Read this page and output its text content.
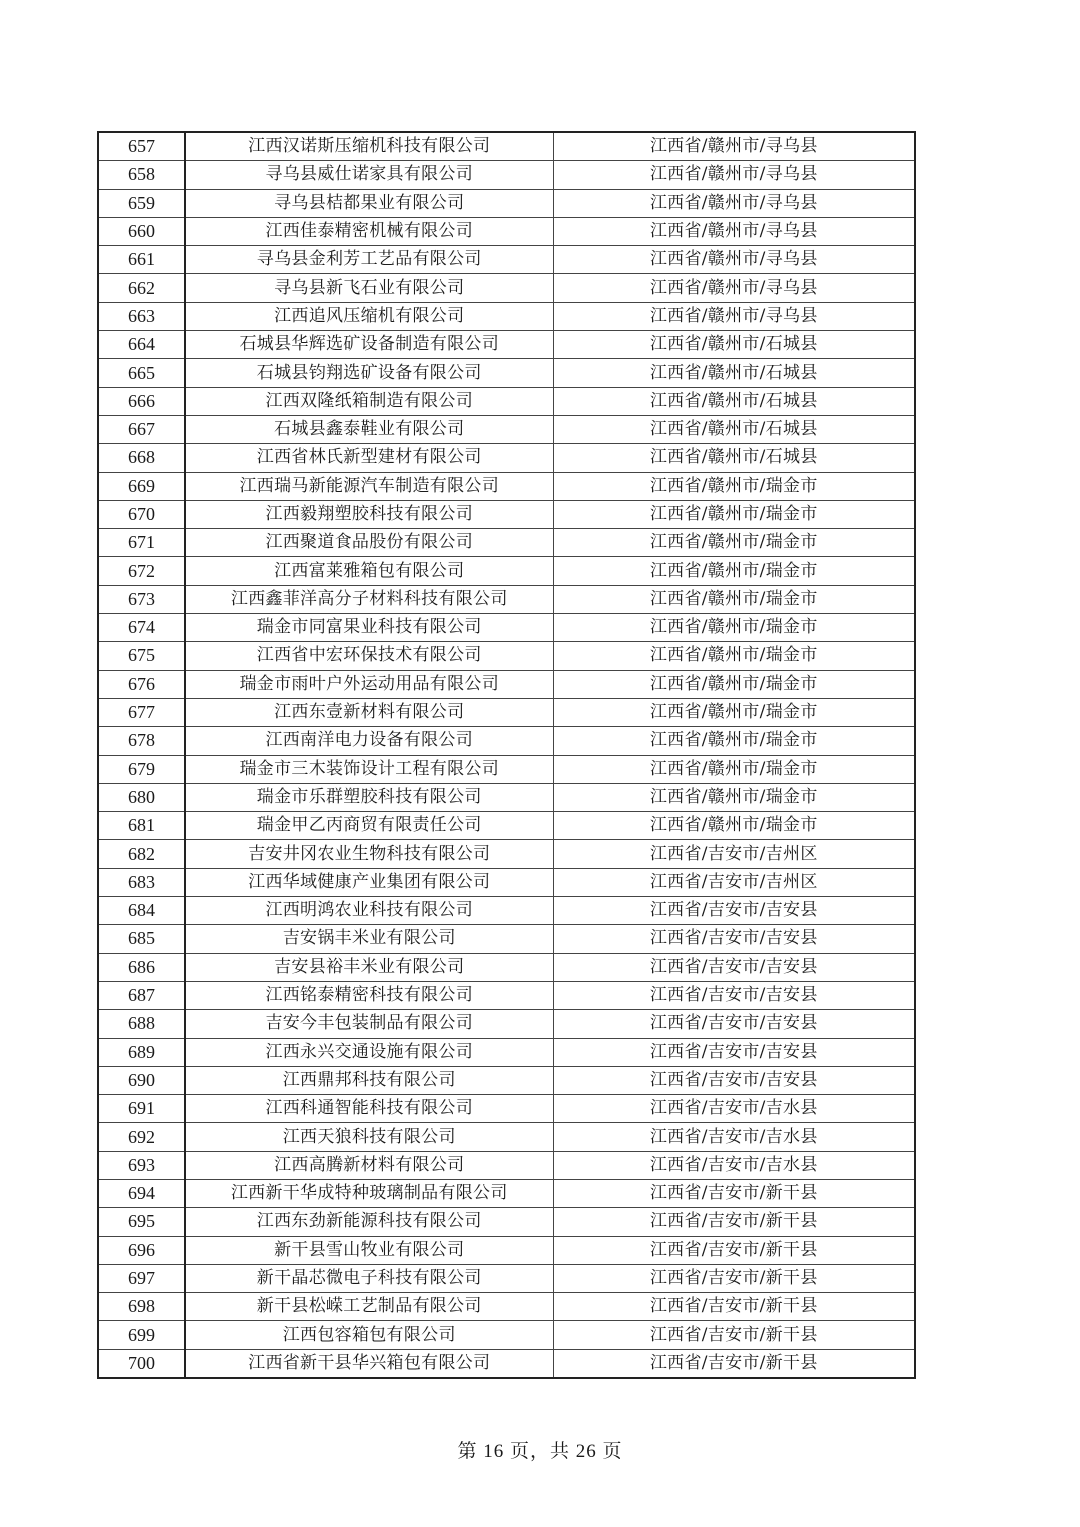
657	江西汉诺斯压缩机科技有限公司	江西省/赣州市/寻乌县
658	寻乌县威仕诺家具有限公司	江西省/赣州市/寻乌县
659	寻乌县桔都果业有限公司	江西省/赣州市/寻乌县
660	江西佳泰精密机械有限公司	江西省/赣州市/寻乌县
661	寻乌县金利芳工艺品有限公司	江西省/赣州市/寻乌县
662	寻乌县新飞石业有限公司	江西省/赣州市/寻乌县
663	江西追风压缩机有限公司	江西省/赣州市/寻乌县
664	石城县华辉选矿设备制造有限公司	江西省/赣州市/石城县
665	石城县钧翔选矿设备有限公司	江西省/赣州市/石城县
666	江西双隆纸箱制造有限公司	江西省/赣州市/石城县
667	石城县鑫泰鞋业有限公司	江西省/赣州市/石城县
668	江西省林氏新型建材有限公司	江西省/赣州市/石城县
669	江西瑞马新能源汽车制造有限公司	江西省/赣州市/瑞金市
670	江西毅翔塑胶科技有限公司	江西省/赣州市/瑞金市
671	江西聚道食品股份有限公司	江西省/赣州市/瑞金市
672	江西富莱雅箱包有限公司	江西省/赣州市/瑞金市
673	江西鑫菲洋高分子材料科技有限公司	江西省/赣州市/瑞金市
674	瑞金市同富果业科技有限公司	江西省/赣州市/瑞金市
675	江西省中宏环保技术有限公司	江西省/赣州市/瑞金市
676	瑞金市雨叶户外运动用品有限公司	江西省/赣州市/瑞金市
677	江西东壹新材料有限公司	江西省/赣州市/瑞金市
678	江西南洋电力设备有限公司	江西省/赣州市/瑞金市
679	瑞金市三木装饰设计工程有限公司	江西省/赣州市/瑞金市
680	瑞金市乐群塑胶科技有限公司	江西省/赣州市/瑞金市
681	瑞金甲乙丙商贸有限责任公司	江西省/赣州市/瑞金市
682	吉安井冈农业生物科技有限公司	江西省/吉安市/吉州区
683	江西华域健康产业集团有限公司	江西省/吉安市/吉州区
684	江西明鸿农业科技有限公司	江西省/吉安市/吉安县
685	吉安锅丰米业有限公司	江西省/吉安市/吉安县
686	吉安县裕丰米业有限公司	江西省/吉安市/吉安县
687	江西铭泰精密科技有限公司	江西省/吉安市/吉安县
688	吉安今丰包装制品有限公司	江西省/吉安市/吉安县
689	江西永兴交通设施有限公司	江西省/吉安市/吉安县
690	江西鼎邦科技有限公司	江西省/吉安市/吉安县
691	江西科通智能科技有限公司	江西省/吉安市/吉水县
692	江西天狼科技有限公司	江西省/吉安市/吉水县
693	江西高腾新材料有限公司	江西省/吉安市/吉水县
694	江西新干华成特种玻璃制品有限公司	江西省/吉安市/新干县
695	江西东劲新能源科技有限公司	江西省/吉安市/新干县
696	新干县雪山牧业有限公司	江西省/吉安市/新干县
697	新干晶芯微电子科技有限公司	江西省/吉安市/新干县
698	新干县松嵘工艺制品有限公司	江西省/吉安市/新干县
699	江西包容箱包有限公司	江西省/吉安市/新干县
700	江西省新干县华兴箱包有限公司	江西省/吉安市/新干县
第 16 页，共 26 页
